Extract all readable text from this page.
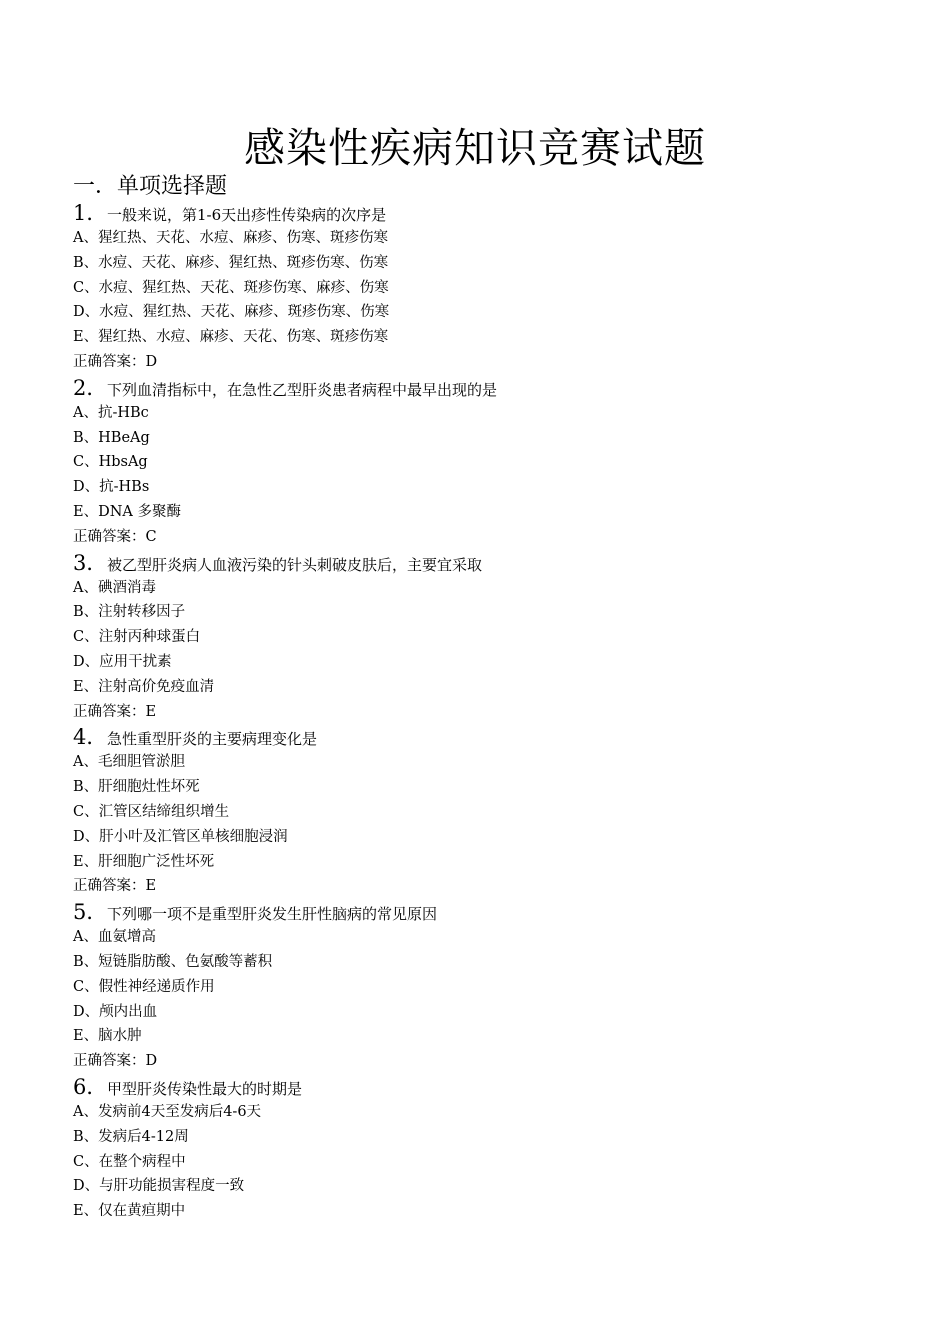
感染性疾病知识竞赛试题
一．单项选择题
1．一般来说，第1-6天出疹性传染病的次序是
A、猩红热、天花、水痘、麻疹、伤寒、斑疹伤寒
B、水痘、天花、麻疹、猩红热、斑疹伤寒、伤寒
C、水痘、猩红热、天花、斑疹伤寒、麻疹、伤寒
D、水痘、猩红热、天花、麻疹、斑疹伤寒、伤寒
E、猩红热、水痘、麻疹、天花、伤寒、斑疹伤寒
正确答案：D
2．下列血清指标中，在急性乙型肝炎患者病程中最早出现的是
A、抗-HBc
B、HBeAg
C、HbsAg
D、抗-HBs
E、DNA 多聚酶
正确答案：C
3．被乙型肝炎病人血液污染的针头刺破皮肤后，主要宜采取
A、碘酒消毒
B、注射转移因子
C、注射丙种球蛋白
D、应用干扰素
E、注射高价免疫血清
正确答案：E
4．急性重型肝炎的主要病理变化是
A、毛细胆管淤胆
B、肝细胞灶性坏死
C、汇管区结缔组织增生
D、肝小叶及汇管区单核细胞浸润
E、肝细胞广泛性坏死
正确答案：E
5．下列哪一项不是重型肝炎发生肝性脑病的常见原因
A、血氨增高
B、短链脂肪酸、色氨酸等蓄积
C、假性神经递质作用
D、颅内出血
E、脑水肿
正确答案：D
6．甲型肝炎传染性最大的时期是
A、发病前4天至发病后4-6天
B、发病后4-12周
C、在整个病程中
D、与肝功能损害程度一致
E、仅在黄疸期中
